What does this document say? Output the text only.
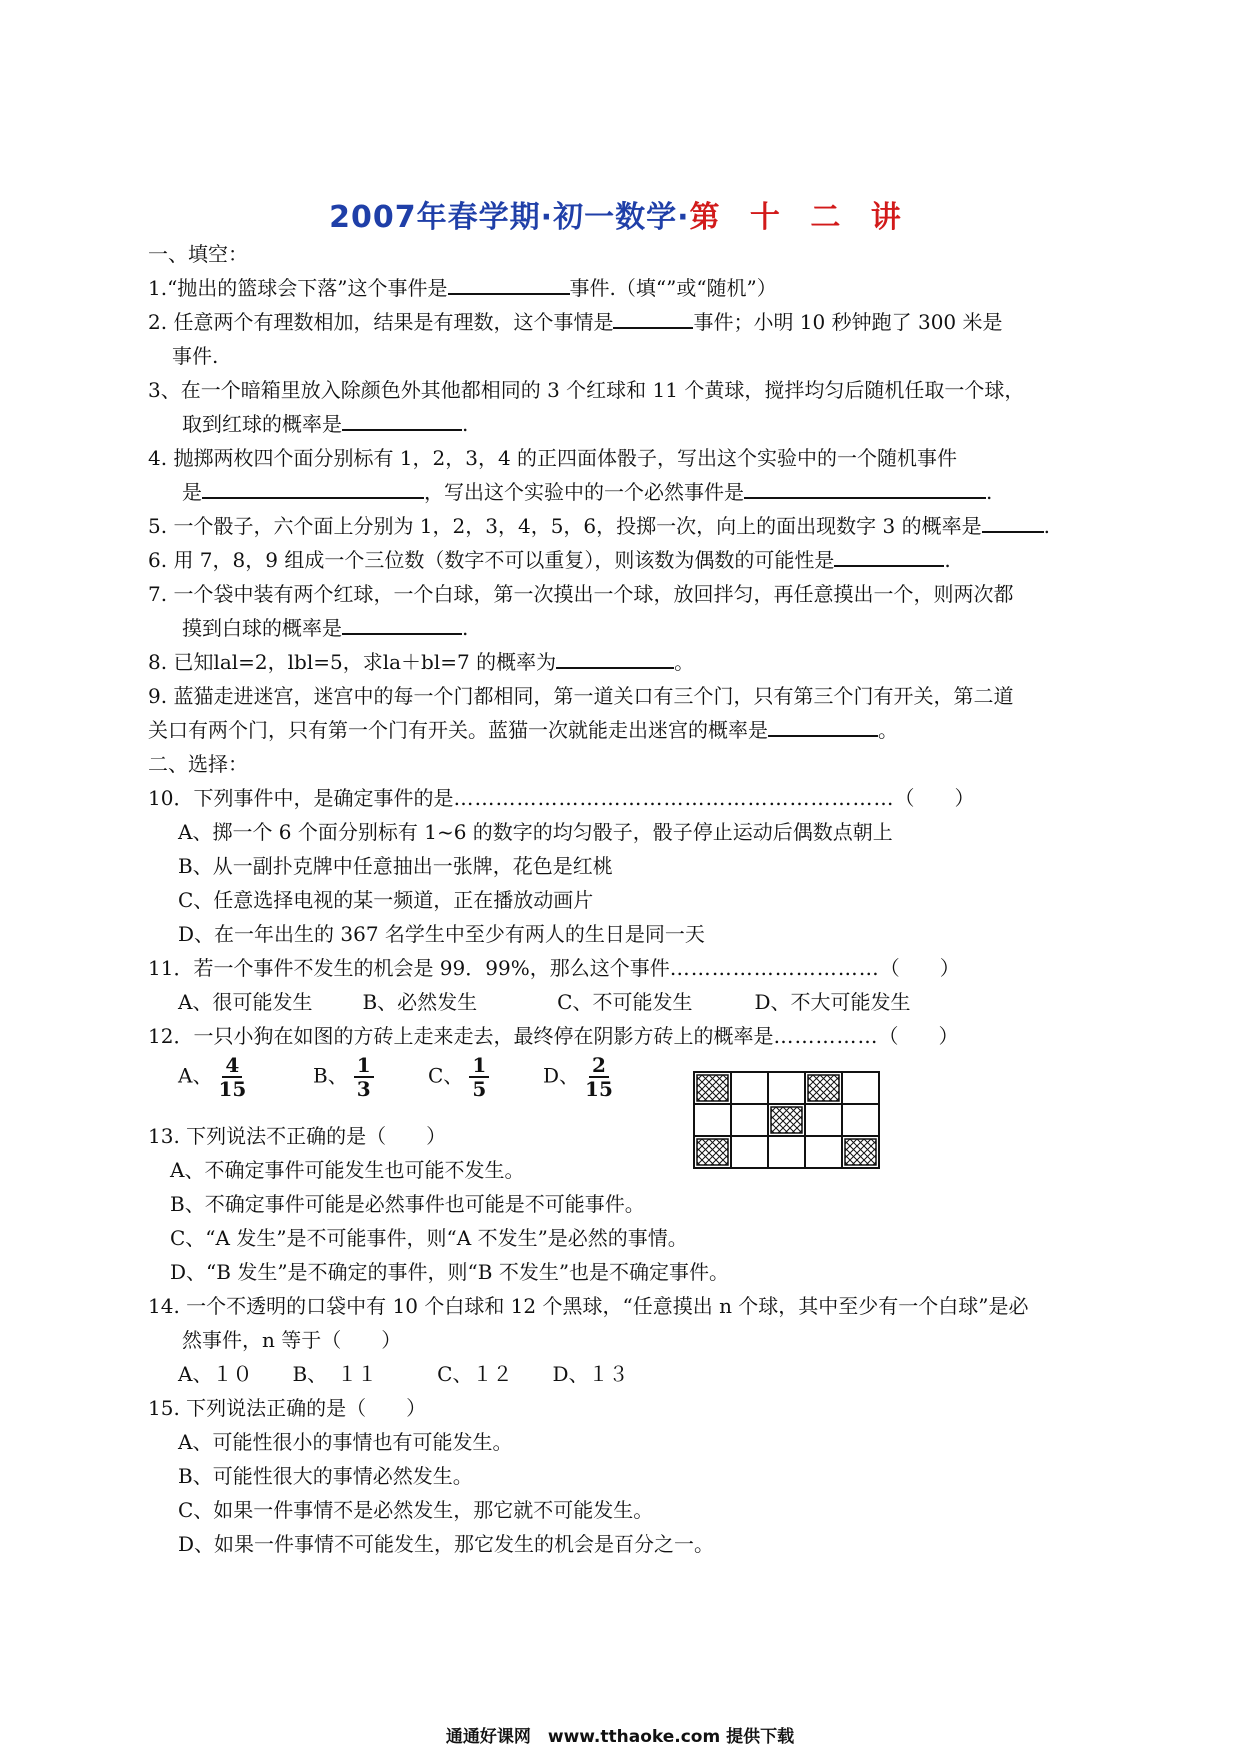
2007年春学期·初一数学·第 十 二 讲
一、填空：
1.“抛出的篮球会下落”这个事件是	事件.（填“”或“随机”）
2. 任意两个有理数相加，结果是有理数，这个事情是	事件；小明 10 秒钟跑了 300 米是
事件.
3、在一个暗箱里放入除颜色外其他都相同的 3 个红球和 11 个黄球，搅拌均匀后随机任取一个球，
取到红球的概率是	.
4. 抛掷两枚四个面分别标有 1，2，3，4 的正四面体骰子，写出这个实验中的一个随机事件
是	，写出这个实验中的一个必然事件是	.
5. 一个骰子，六个面上分别为 1，2，3，4，5，6，投掷一次，向上的面出现数字 3 的概率是	.
6. 用 7，8，9 组成一个三位数（数字不可以重复），则该数为偶数的可能性是	.
7. 一个袋中装有两个红球，一个白球，第一次摸出一个球，放回拌匀，再任意摸出一个，则两次都
摸到白球的概率是	.
8. 已知lal=2，lbl=5，求la＋bl=7 的概率为	。
9. 蓝猫走进迷宫，迷宫中的每一个门都相同，第一道关口有三个门，只有第三个门有开关，第二道
关口有两个门，只有第一个门有开关。蓝猫一次就能走出迷宫的概率是	。
二、选择：
10．下列事件中，是确定事件的是………………………………………………………（　　）
A、掷一个 6 个面分别标有 1~6 的数字的均匀骰子，骰子停止运动后偶数点朝上
B、从一副扑克牌中任意抽出一张牌，花色是红桃
C、任意选择电视的某一频道，正在播放动画片
D、在一年出生的 367 名学生中至少有两人的生日是同一天
11．若一个事件不发生的机会是 99．99%，那么这个事件…………………………（　　）
A、很可能发生	B、必然发生	C、不可能发生	D、不大可能发生
12．一只小狗在如图的方砖上走来走去，最终停在阴影方砖上的概率是……………（　　）
A、 $\frac{4}{15}$	B、 $\frac{1}{3}$	C、 $\frac{1}{5}$	D、 $\frac{2}{15}$
13. 下列说法不正确的是（　　）
A、不确定事件可能发生也可能不发生。
B、不确定事件可能是必然事件也可能是不可能事件。
C、“A 发生”是不可能事件，则“A 不发生”是必然的事情。
D、“B 发生”是不确定的事件，则“B 不发生”也是不确定事件。
14. 一个不透明的口袋中有 10 个白球和 12 个黑球，“任意摸出 n 个球，其中至少有一个白球”是必
然事件，n 等于（　　）
A、１０　　B、　１１　　　C、１２　　D、１３
15. 下列说法正确的是（　　）
A、可能性很小的事情也有可能发生。
B、可能性很大的事情必然发生。
C、如果一件事情不是必然发生，那它就不可能发生。
D、如果一件事情不可能发生，那它发生的机会是百分之一。
通通好课网　www.tthaoke.com 提供下载
